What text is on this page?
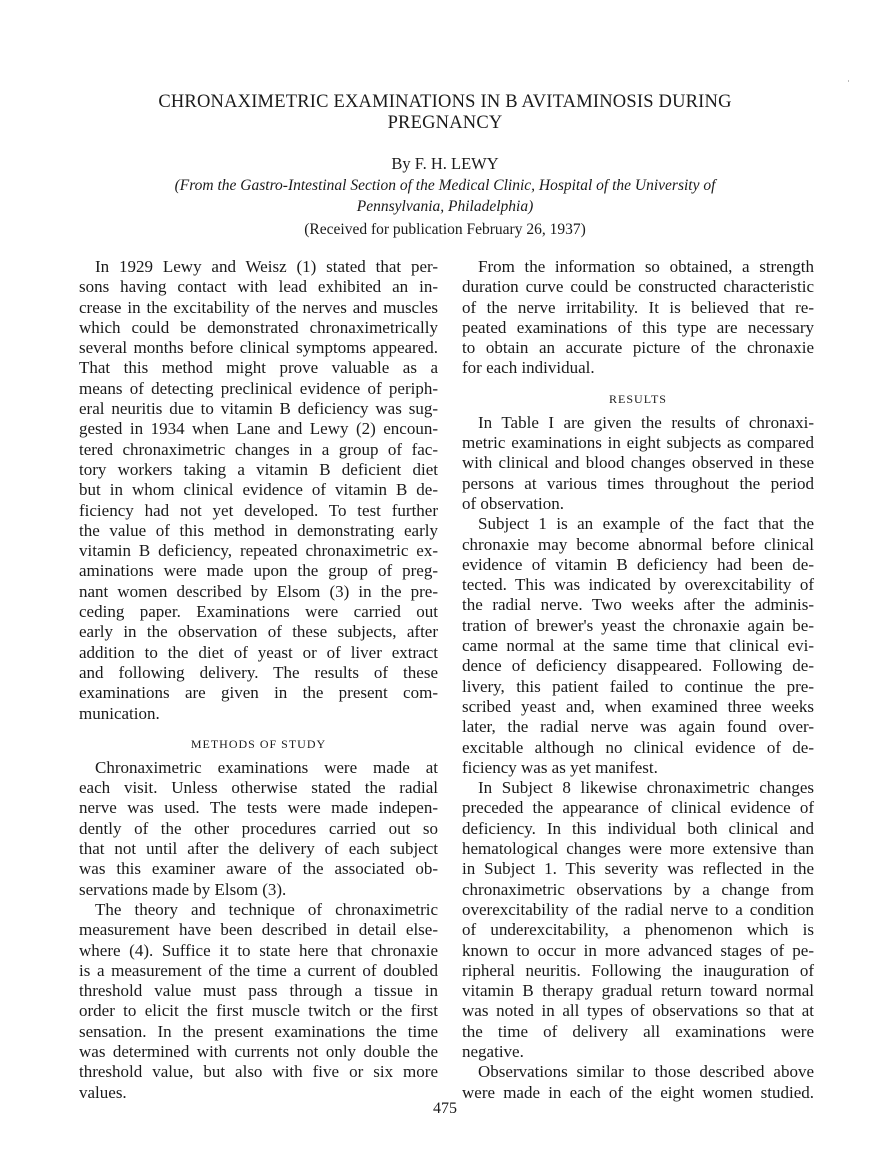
CHRONAXIMETRIC EXAMINATIONS IN B AVITAMINOSIS DURING
PREGNANCY
By F. H. LEWY
(From the Gastro-Intestinal Section of the Medical Clinic, Hospital of the University of
Pennsylvania, Philadelphia)
(Received for publication February 26, 1937)
In 1929 Lewy and Weisz (1) stated that per-
sons having contact with lead exhibited an in-
crease in the excitability of the nerves and muscles
which could be demonstrated chronaximetrically
several months before clinical symptoms appeared.
That this method might prove valuable as a
means of detecting preclinical evidence of periph-
eral neuritis due to vitamin B deficiency was sug-
gested in 1934 when Lane and Lewy (2) encoun-
tered chronaximetric changes in a group of fac-
tory workers taking a vitamin B deficient diet
but in whom clinical evidence of vitamin B de-
ficiency had not yet developed. To test further
the value of this method in demonstrating early
vitamin B deficiency, repeated chronaximetric ex-
aminations were made upon the group of preg-
nant women described by Elsom (3) in the pre-
ceding paper. Examinations were carried out
early in the observation of these subjects, after
addition to the diet of yeast or of liver extract
and following delivery. The results of these
examinations are given in the present com-
munication.
METHODS OF STUDY
Chronaximetric examinations were made at
each visit. Unless otherwise stated the radial
nerve was used. The tests were made indepen-
dently of the other procedures carried out so
that not until after the delivery of each subject
was this examiner aware of the associated ob-
servations made by Elsom (3).
The theory and technique of chronaximetric
measurement have been described in detail else-
where (4). Suffice it to state here that chronaxie
is a measurement of the time a current of doubled
threshold value must pass through a tissue in
order to elicit the first muscle twitch or the first
sensation. In the present examinations the time
was determined with currents not only double the
threshold value, but also with five or six more
values.
From the information so obtained, a strength
duration curve could be constructed characteristic
of the nerve irritability. It is believed that re-
peated examinations of this type are necessary
to obtain an accurate picture of the chronaxie
for each individual.
RESULTS
In Table I are given the results of chronaxi-
metric examinations in eight subjects as compared
with clinical and blood changes observed in these
persons at various times throughout the period
of observation.
Subject 1 is an example of the fact that the
chronaxie may become abnormal before clinical
evidence of vitamin B deficiency had been de-
tected. This was indicated by overexcitability of
the radial nerve. Two weeks after the adminis-
tration of brewer's yeast the chronaxie again be-
came normal at the same time that clinical evi-
dence of deficiency disappeared. Following de-
livery, this patient failed to continue the pre-
scribed yeast and, when examined three weeks
later, the radial nerve was again found over-
excitable although no clinical evidence of de-
ficiency was as yet manifest.
In Subject 8 likewise chronaximetric changes
preceded the appearance of clinical evidence of
deficiency. In this individual both clinical and
hematological changes were more extensive than
in Subject 1. This severity was reflected in the
chronaximetric observations by a change from
overexcitability of the radial nerve to a condition
of underexcitability, a phenomenon which is
known to occur in more advanced stages of pe-
ripheral neuritis. Following the inauguration of
vitamin B therapy gradual return toward normal
was noted in all types of observations so that at
the time of delivery all examinations were
negative.
Observations similar to those described above
were made in each of the eight women studied.
475
